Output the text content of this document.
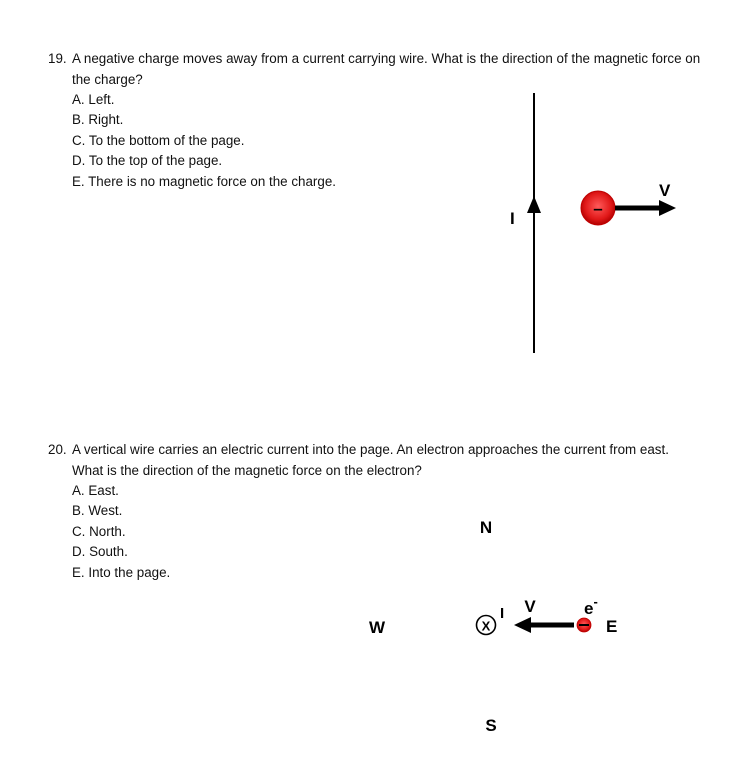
19. A negative charge moves away from a current carrying wire. What is the direction of the magnetic force on the charge?
A. Left.
B. Right.
C. To the bottom of the page.
D. To the top of the page.
E. There is no magnetic force on the charge.
20. A vertical wire carries an electric current into the page. An electron approaches the current from east. What is the direction of the magnetic force on the electron?
A. East.
B. West.
C. North.
D. South.
E. Into the page.
I
–
V
N
W
S
E
X
I V	e-
